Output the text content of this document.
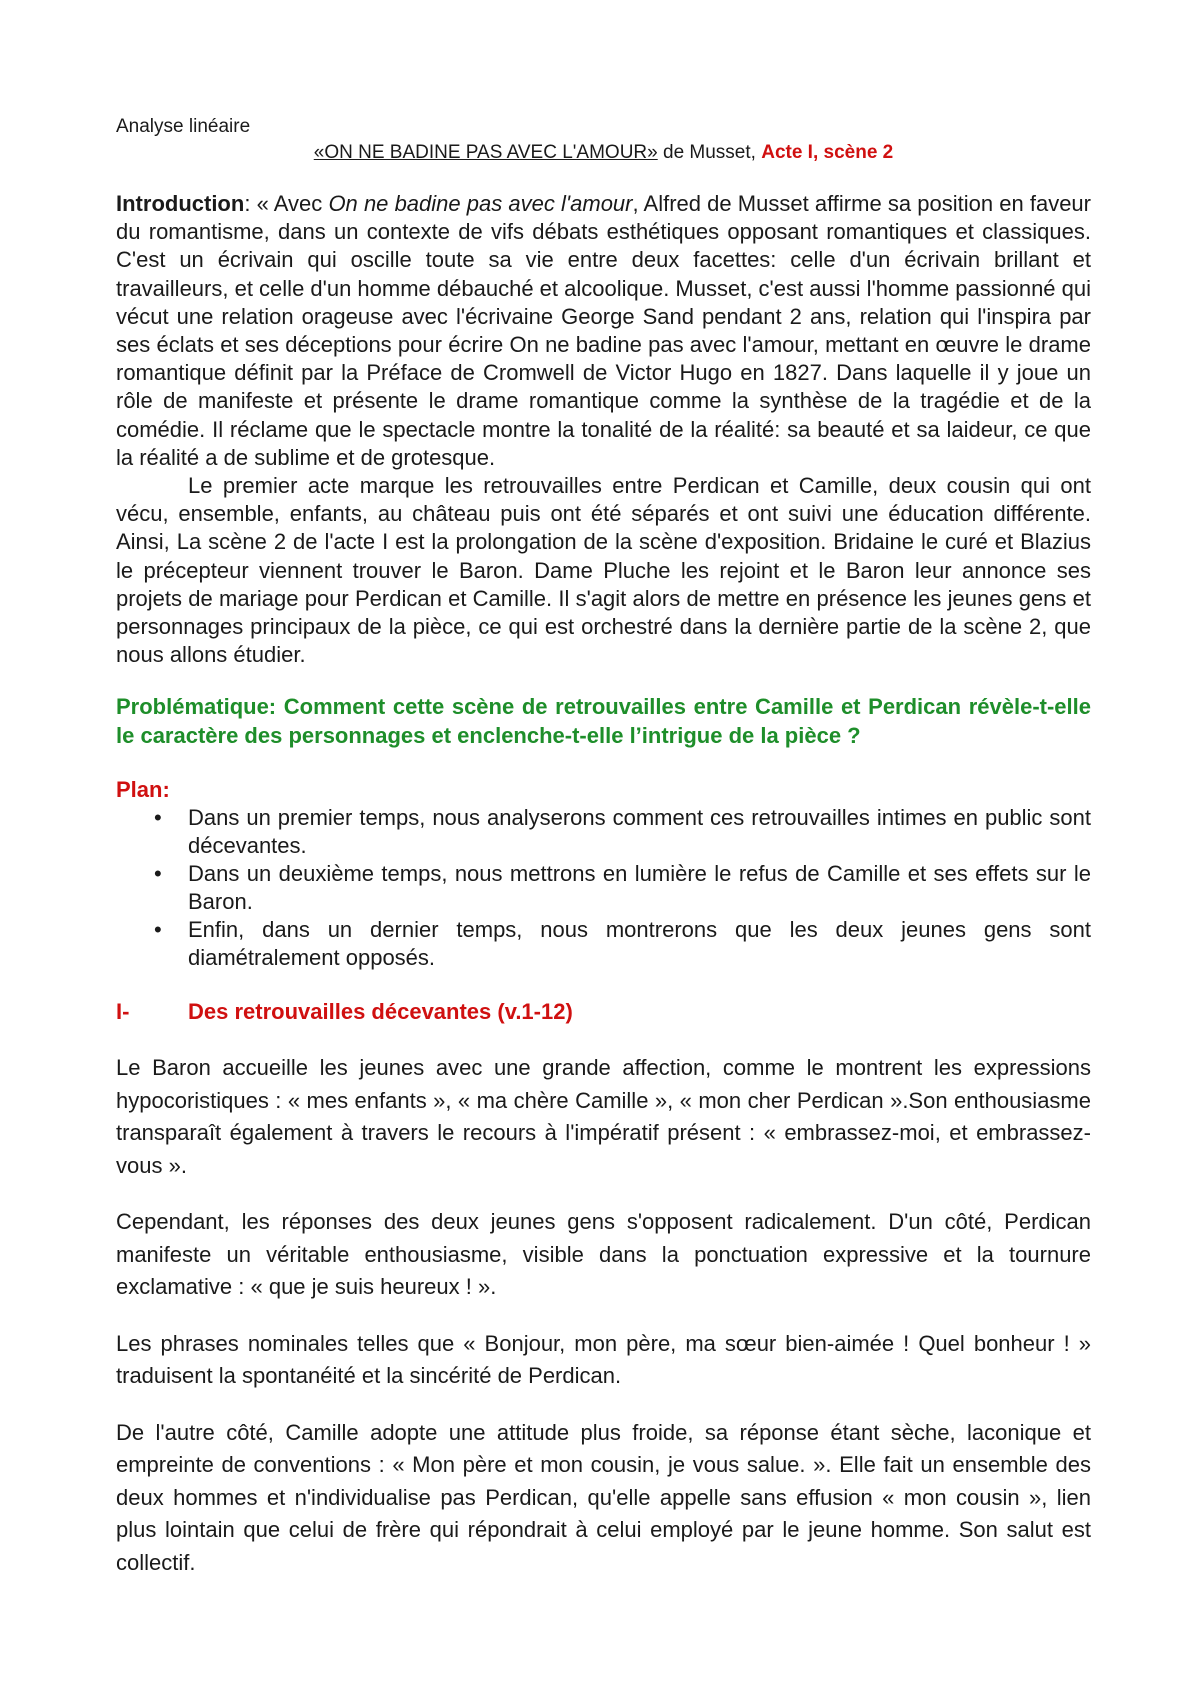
Analyse linéaire

«ON NE BADINE PAS AVEC L'AMOUR» de Musset, Acte I, scène 2

Introduction: « Avec On ne badine pas avec l'amour, Alfred de Musset affirme sa position en faveur du romantisme, dans un contexte de vifs débats esthétiques opposant romantiques et classiques. C'est un écrivain qui oscille toute sa vie entre deux facettes: celle d'un écrivain brillant et travailleurs, et celle d'un homme débauché et alcoolique. Musset, c'est aussi l'homme passionné qui vécut une relation orageuse avec l'écrivaine George Sand pendant 2 ans, relation qui l'inspira par ses éclats et ses déceptions pour écrire On ne badine pas avec l'amour, mettant en œuvre le drame romantique définit par la Préface de Cromwell de Victor Hugo en 1827. Dans laquelle il y joue un rôle de manifeste et présente le drame romantique comme la synthèse de la tragédie et de la comédie. Il réclame que le spectacle montre la tonalité de la réalité: sa beauté et sa laideur, ce que la réalité a de sublime et de grotesque.

Le premier acte marque les retrouvailles entre Perdican et Camille, deux cousin qui ont vécu, ensemble, enfants, au château puis ont été séparés et ont suivi une éducation différente. Ainsi, La scène 2 de l'acte I est la prolongation de la scène d'exposition. Bridaine le curé et Blazius le précepteur viennent trouver le Baron. Dame Pluche les rejoint et le Baron leur annonce ses projets de mariage pour Perdican et Camille. Il s'agit alors de mettre en présence les jeunes gens et personnages principaux de la pièce, ce qui est orchestré dans la dernière partie de la scène 2, que nous allons étudier.

Problématique: Comment cette scène de retrouvailles entre Camille et Perdican révèle-t-elle le caractère des personnages et enclenche-t-elle l’intrigue de la pièce ?

Plan:

• Dans un premier temps, nous analyserons comment ces retrouvailles intimes en public sont décevantes.
• Dans un deuxième temps, nous mettrons en lumière le refus de Camille et ses effets sur le Baron.
• Enfin, dans un dernier temps, nous montrerons que les deux jeunes gens sont diamétralement opposés.

I-	Des retrouvailles décevantes (v.1-12)

Le Baron accueille les jeunes avec une grande affection, comme le montrent les expressions hypocoristiques : « mes enfants », « ma chère Camille », « mon cher Perdican ».Son enthousiasme transparaît également à travers le recours à l'impératif présent : « embrassez-moi, et embrassez-vous ».

Cependant, les réponses des deux jeunes gens s'opposent radicalement. D'un côté, Perdican manifeste un véritable enthousiasme, visible dans la ponctuation expressive et la tournure exclamative : « que je suis heureux ! ».

Les phrases nominales telles que « Bonjour, mon père, ma sœur bien-aimée ! Quel bonheur ! » traduisent la spontanéité et la sincérité de Perdican.

De l'autre côté, Camille adopte une attitude plus froide, sa réponse étant sèche, laconique et empreinte de conventions : « Mon père et mon cousin, je vous salue. ». Elle fait un ensemble des deux hommes et n'individualise pas Perdican, qu'elle appelle sans effusion « mon cousin », lien plus lointain que celui de frère qui répondrait à celui employé par le jeune homme. Son salut est collectif.
